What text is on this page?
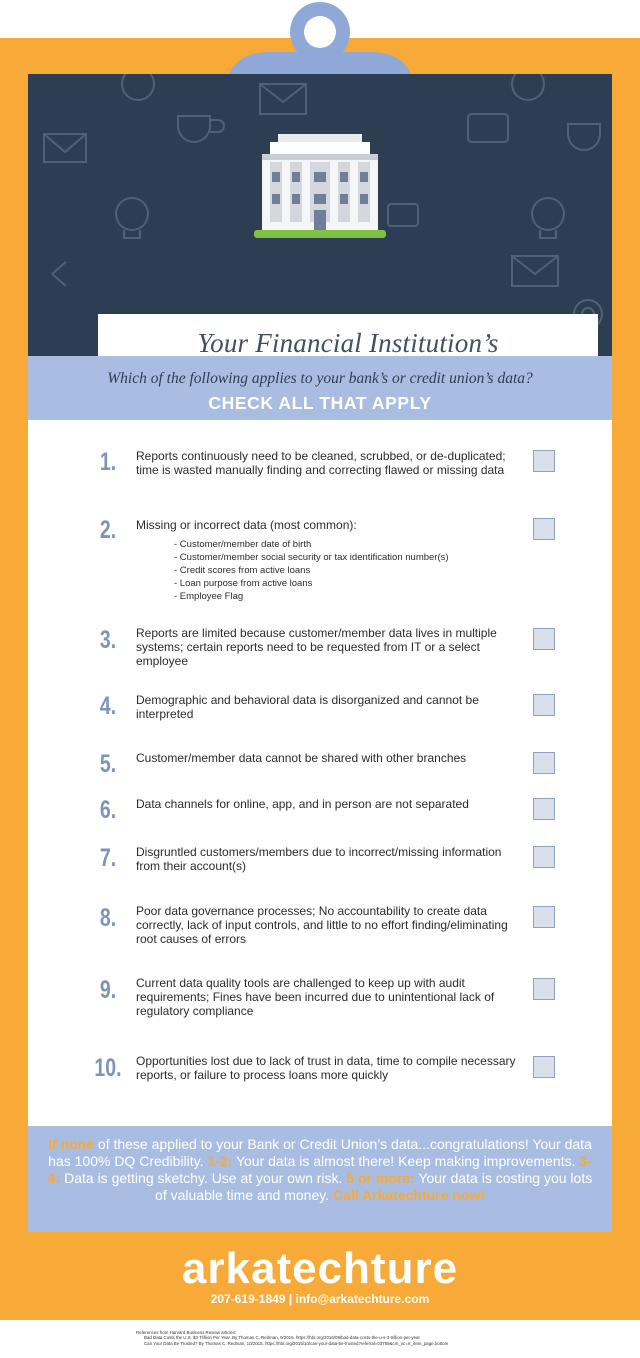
Your Financial Institution’s
Which of the following applies to your bank’s or credit union’s data?
CHECK ALL THAT APPLY
1.	Reports continuously need to be cleaned, scrubbed, or de-duplicated; time is wasted manually finding and correcting flawed or missing data
2.	Missing or incorrect data (most common):
- Customer/member date of birth
- Customer/member social security or tax identification number(s)
- Credit scores from active loans
- Loan purpose from active loans
- Employee Flag
3.	Reports are limited because customer/member data lives in multiple systems; certain reports need to be requested from IT or a select employee
4.	Demographic and behavioral data is disorganized and cannot be interpreted
5.	Customer/member data cannot be shared with other branches
6.	Data channels for online, app, and in person are not separated
7.	Disgruntled customers/members due to incorrect/missing information from their account(s)
8.	Poor data governance processes; No accountability to create data correctly, lack of input controls, and little to no effort finding/eliminating root causes of errors
9.	Current data quality tools are challenged to keep up with audit requirements; Fines have been incurred due to unintentional lack of regulatory compliance
10.	Opportunities lost due to lack of trust in data, time to compile necessary reports, or failure to process loans more quickly
If none of these applied to your Bank or Credit Union’s data...congratulations! Your data has 100% DQ Credibility. 1-2: Your data is almost there! Keep making improvements. 3-4: Data is getting sketchy. Use at your own risk. 5 or more: Your data is costing you lots of valuable time and money. Call Arkatechture now!
arkatechture
207-619-1849 | info@arkatechture.com
References from Harvard Business Review articles:
Bad Data Costs the U.S. $3 Trillion Per Year. By Thomas C. Redman, 9/2016. https://hbr.org/2016/09/bad-data-costs-the-u-s-3-trillion-per-year
Can Your Data Be Trusted? By Thomas C. Redman, 10/2015. https://hbr.org/2015/10/can-your-data-be-trusted?referral=03759&cm_vc=rr_item_page.bottom
